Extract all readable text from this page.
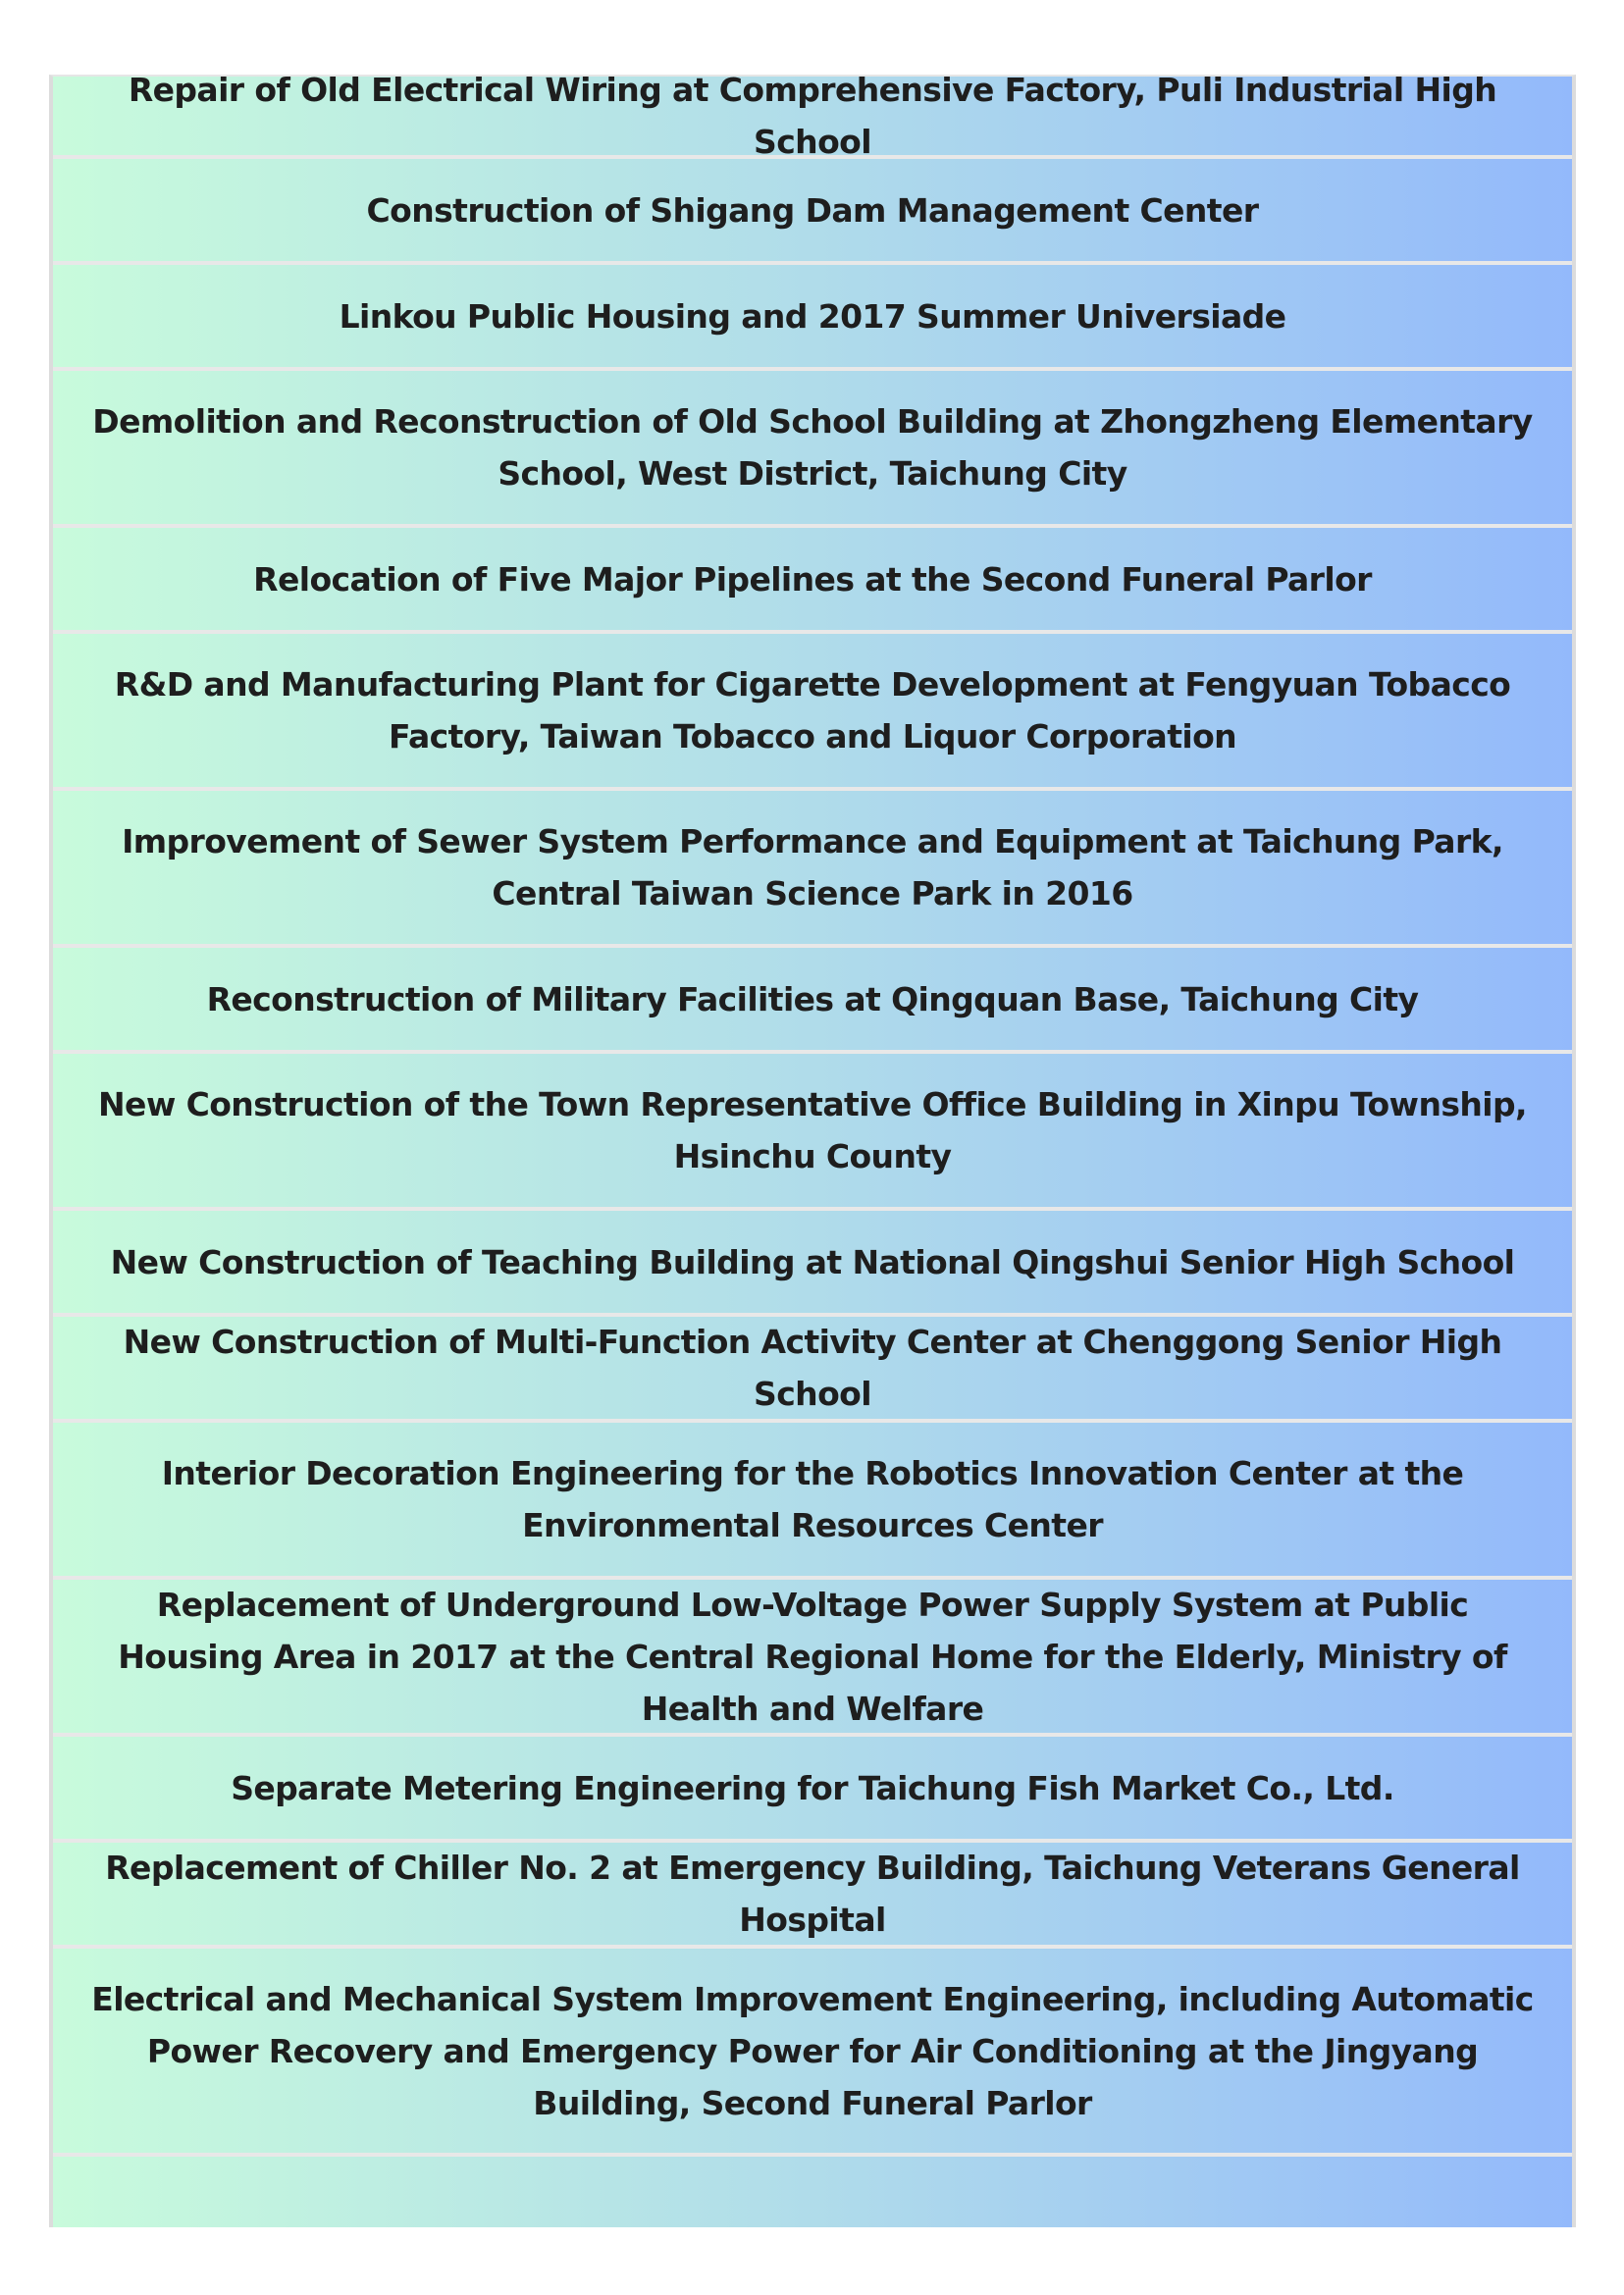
Repair of Old Electrical Wiring at Comprehensive Factory, Puli Industrial High School
Construction of Shigang Dam Management Center
Linkou Public Housing and 2017 Summer Universiade
Demolition and Reconstruction of Old School Building at Zhongzheng Elementary School, West District, Taichung City
Relocation of Five Major Pipelines at the Second Funeral Parlor
R&D and Manufacturing Plant for Cigarette Development at Fengyuan Tobacco Factory, Taiwan Tobacco and Liquor Corporation
Improvement of Sewer System Performance and Equipment at Taichung Park, Central Taiwan Science Park in 2016
Reconstruction of Military Facilities at Qingquan Base, Taichung City
New Construction of the Town Representative Office Building in Xinpu Township, Hsinchu County
New Construction of Teaching Building at National Qingshui Senior High School
New Construction of Multi-Function Activity Center at Chenggong Senior High School
Interior Decoration Engineering for the Robotics Innovation Center at the Environmental Resources Center
Replacement of Underground Low-Voltage Power Supply System at Public Housing Area in 2017 at the Central Regional Home for the Elderly, Ministry of Health and Welfare
Separate Metering Engineering for Taichung Fish Market Co., Ltd.
Replacement of Chiller No. 2 at Emergency Building, Taichung Veterans General Hospital
Electrical and Mechanical System Improvement Engineering, including Automatic Power Recovery and Emergency Power for Air Conditioning at the Jingyang Building, Second Funeral Parlor
